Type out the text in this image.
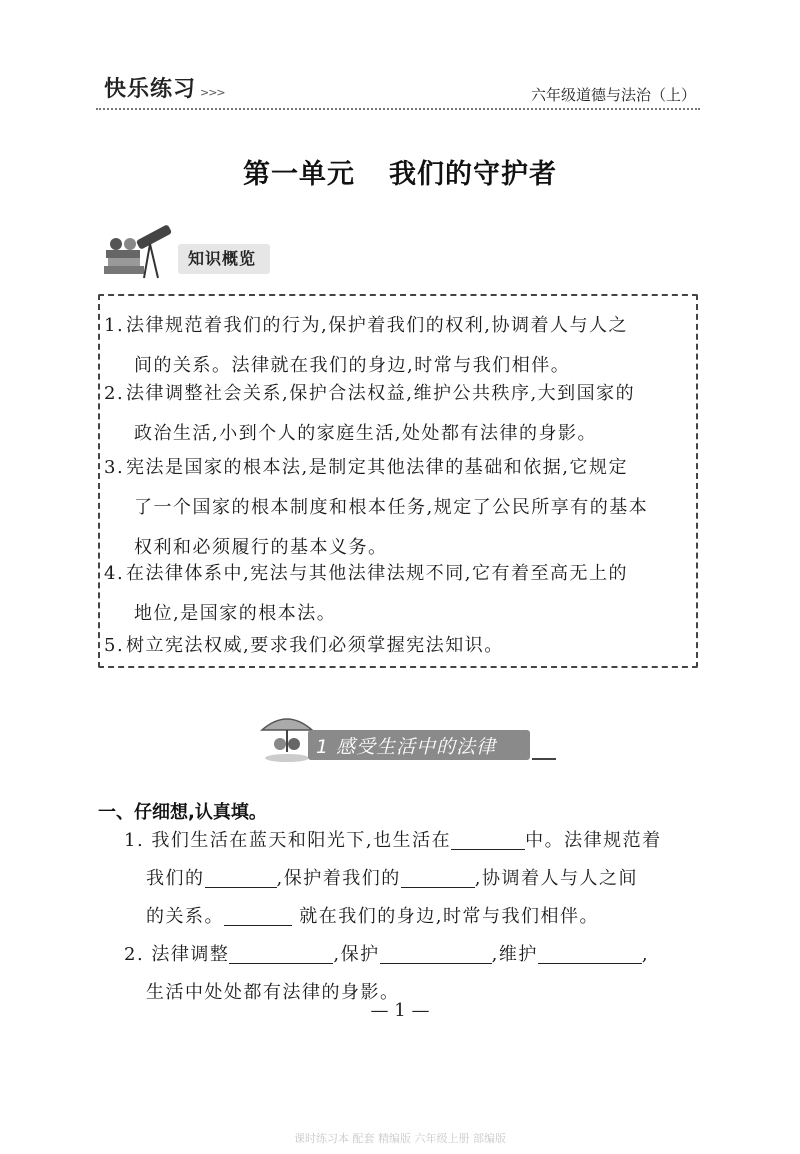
快乐练习 >>>	六年级道德与法治（上）
第一单元 我们的守护者
知识概览
1. 法律规范着我们的行为,保护着我们的权利,协调着人与人之
间的关系。法律就在我们的身边,时常与我们相伴。
2. 法律调整社会关系,保护合法权益,维护公共秩序,大到国家的
政治生活,小到个人的家庭生活,处处都有法律的身影。
3. 宪法是国家的根本法,是制定其他法律的基础和依据,它规定
了一个国家的根本制度和根本任务,规定了公民所享有的基本
权利和必须履行的基本义务。
4. 在法律体系中,宪法与其他法律法规不同,它有着至高无上的
地位,是国家的根本法。
5. 树立宪法权威,要求我们必须掌握宪法知识。
1 感受生活中的法律
一、仔细想,认真填。
1. 我们生活在蓝天和阳光下,也生活在	中。法律规范着
我们的	,保护着我们的	,协调着人与人之间
的关系。	就在我们的身边,时常与我们相伴。
2. 法律调整	,保护	,维护	,
生活中处处都有法律的身影。
— 1 —
课时练习本 配套 精编版 六年级上册 部编版
